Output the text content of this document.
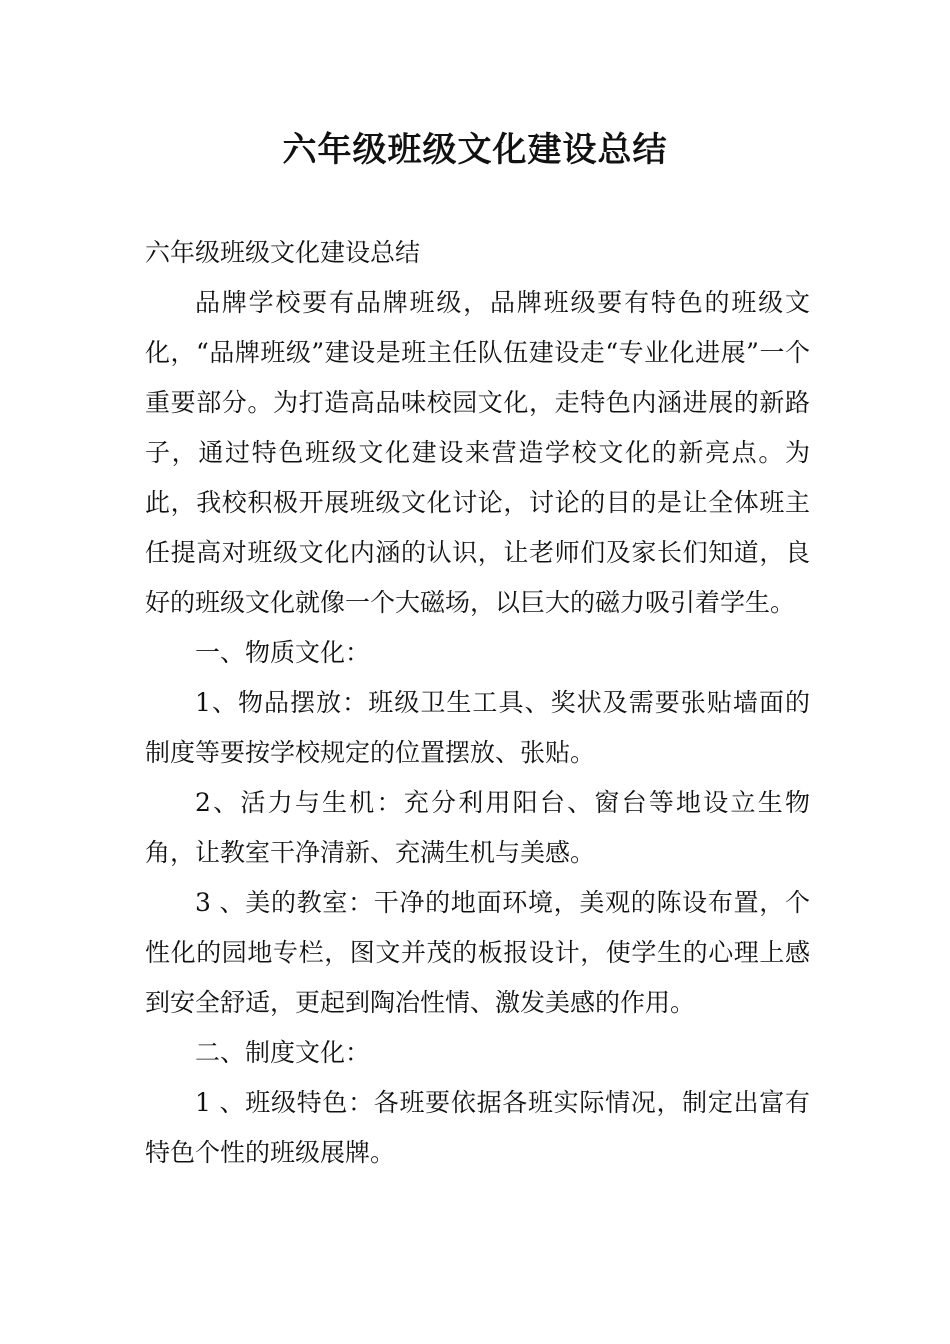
六年级班级文化建设总结

六年级班级文化建设总结

品牌学校要有品牌班级，品牌班级要有特色的班级文化，“品牌班级”建设是班主任队伍建设走“专业化进展”一个重要部分。为打造高品味校园文化，走特色内涵进展的新路子，通过特色班级文化建设来营造学校文化的新亮点。为此，我校积极开展班级文化讨论，讨论的目的是让全体班主任提高对班级文化内涵的认识，让老师们及家长们知道，良好的班级文化就像一个大磁场，以巨大的磁力吸引着学生。

一、物质文化：

1、物品摆放：班级卫生工具、奖状及需要张贴墙面的制度等要按学校规定的位置摆放、张贴。

2、活力与生机：充分利用阳台、窗台等地设立生物角，让教室干净清新、充满生机与美感。

3 、美的教室：干净的地面环境，美观的陈设布置，个性化的园地专栏，图文并茂的板报设计，使学生的心理上感到安全舒适，更起到陶冶性情、激发美感的作用。

二、制度文化：

1 、班级特色：各班要依据各班实际情况，制定出富有特色个性的班级展牌。
